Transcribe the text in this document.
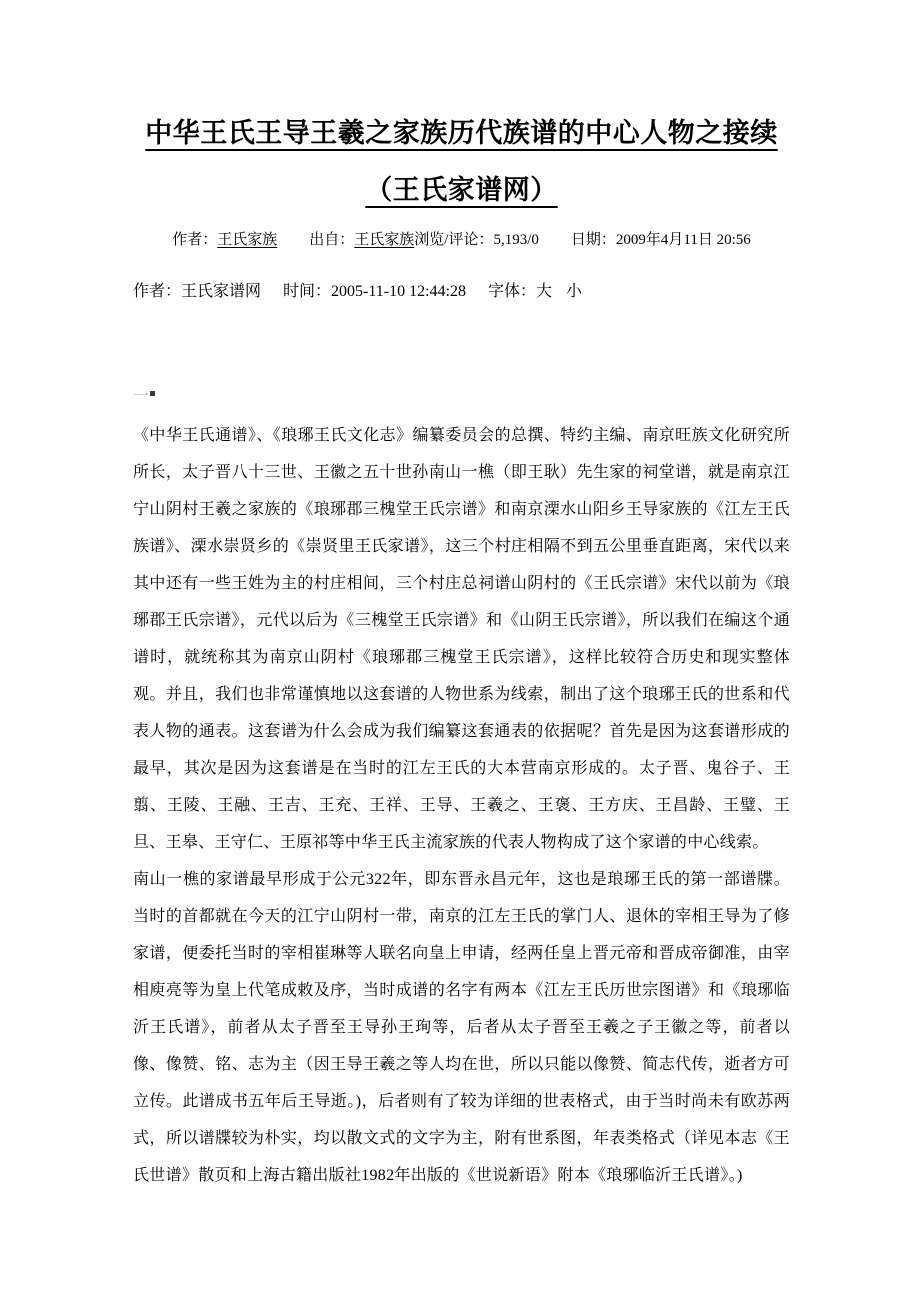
中华王氏王导王羲之家族历代族谱的中心人物之接续（王氏家谱网）
作者：王氏家族 出自：王氏家族浏览/评论：5,193/0 日期：2009年4月11日 20:56
作者：王氏家谱网 时间：2005-11-10 12:44:28 字体：大 小
一

《中华王氏通谱》、《琅琊王氏文化志》编纂委员会的总撰、特约主编、南京旺族文化研究所所长，太子晋八十三世、王徽之五十世孙南山一樵（即王耿）先生家的祠堂谱，就是南京江宁山阴村王羲之家族的《琅琊郡三槐堂王氏宗谱》和南京溧水山阳乡王导家族的《江左王氏族谱》、溧水崇贤乡的《崇贤里王氏家谱》，这三个村庄相隔不到五公里垂直距离，宋代以来其中还有一些王姓为主的村庄相间，三个村庄总祠谱山阴村的《王氏宗谱》宋代以前为《琅琊郡王氏宗谱》，元代以后为《三槐堂王氏宗谱》和《山阴王氏宗谱》，所以我们在编这个通谱时，就统称其为南京山阴村《琅琊郡三槐堂王氏宗谱》，这样比较符合历史和现实整体观。并且，我们也非常谨慎地以这套谱的人物世系为线索，制出了这个琅琊王氏的世系和代表人物的通表。这套谱为什么会成为我们编纂这套通表的依据呢？首先是因为这套谱形成的最早，其次是因为这套谱是在当时的江左王氏的大本营南京形成的。太子晋、鬼谷子、王翦、王陵、王融、王吉、王充、王祥、王导、王羲之、王褒、王方庆、王昌龄、王璧、王旦、王皋、王守仁、王原祁等中华王氏主流家族的代表人物构成了这个家谱的中心线索。

南山一樵的家谱最早形成于公元322年，即东晋永昌元年，这也是琅琊王氏的第一部谱牒。当时的首都就在今天的江宁山阴村一带，南京的江左王氏的掌门人、退休的宰相王导为了修家谱，便委托当时的宰相崔琳等人联名向皇上申请，经两任皇上晋元帝和晋成帝御准，由宰相庾亮等为皇上代笔成敕及序，当时成谱的名字有两本《江左王氏历世宗图谱》和《琅琊临沂王氏谱》，前者从太子晋至王导孙王珣等，后者从太子晋至王羲之子王徽之等，前者以像、像赞、铭、志为主（因王导王羲之等人均在世，所以只能以像赞、简志代传，逝者方可立传。此谱成书五年后王导逝。)，后者则有了较为详细的世表格式，由于当时尚未有欧苏两式，所以谱牒较为朴实，均以散文式的文字为主，附有世系图，年表类格式（详见本志《王氏世谱》散页和上海古籍出版社1982年出版的《世说新语》附本《琅琊临沂王氏谱》。)
